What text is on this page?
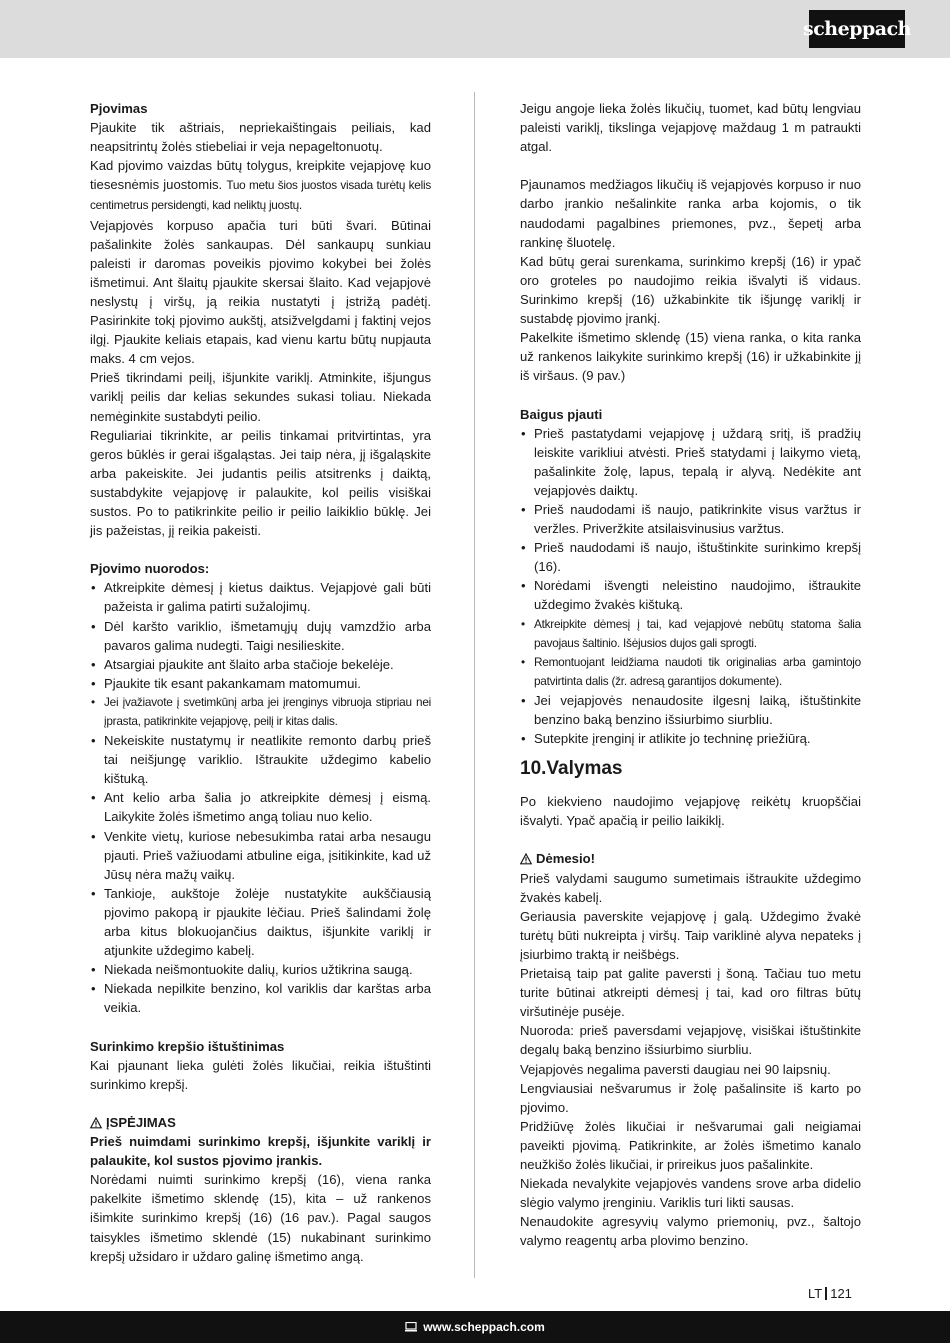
scheppach

Pjovimas

Pjaukite tik aštriais, nepriekaištingais peiliais, kad neapsitrintų žolės stiebeliai ir veja nepageltonuotų.

Kad pjovimo vaizdas būtų tolygus, kreipkite vejapjovę kuo tiesesnėmis juostomis. Tuo metu šios juostos visada turėtų kelis centimetrus persidengti, kad neliktų juostų.

Vejapjovės korpuso apačia turi būti švari. Būtinai pašalinkite žolės sankaupas. Dėl sankaupų sunkiau paleisti ir daromas poveikis pjovimo kokybei bei žolės išmetimui. Ant šlaitų pjaukite skersai šlaito. Kad vejapjovė neslystų į viršų, ją reikia nustatyti į įstrižą padėtį. Pasirinkite tokį pjovimo aukštį, atsižvelgdami į faktinį vejos ilgį. Pjaukite keliais etapais, kad vienu kartu būtų nupjauta maks. 4 cm vejos.

Prieš tikrindami peilį, išjunkite variklį. Atminkite, išjungus variklį peilis dar kelias sekundes sukasi toliau. Niekada nemėginkite sustabdyti peilio.

Reguliariai tikrinkite, ar peilis tinkamai pritvirtintas, yra geros būklės ir gerai išgaląstas. Jei taip nėra, jį išgaląskite arba pakeiskite. Jei judantis peilis atsitrenks į daiktą, sustabdykite vejapjovę ir palaukite, kol peilis visiškai sustos. Po to patikrinkite peilio ir peilio laikiklio būklę. Jei jis pažeistas, jį reikia pakeisti.

Pjovimo nuorodos:

• Atkreipkite dėmesį į kietus daiktus. Vejapjovė gali būti pažeista ir galima patirti sužalojimų.
• Dėl karšto variklio, išmetamųjų dujų vamzdžio arba pavaros galima nudegti. Taigi nesilieskite.
• Atsargiai pjaukite ant šlaito arba stačioje bekelėje.
• Pjaukite tik esant pakankamam matomumui.
• Jei įvažiavote į svetimkūnį arba jei įrenginys vibruoja stipriau nei įprasta, patikrinkite vejapjovę, peilį ir kitas dalis.
• Nekeiskite nustatymų ir neatlikite remonto darbų prieš tai neišjungę variklio. Ištraukite uždegimo kabelio kištuką.
• Ant kelio arba šalia jo atkreipkite dėmesį į eismą. Laikykite žolės išmetimo angą toliau nuo kelio.
• Venkite vietų, kuriose nebesukimba ratai arba nesaugu pjauti. Prieš važiuodami atbuline eiga, įsitikinkite, kad už Jūsų nėra mažų vaikų.
• Tankioje, aukštoje žolėje nustatykite aukščiausią pjovimo pakopą ir pjaukite lėčiau. Prieš šalindami žolę arba kitus blokuojančius daiktus, išjunkite variklį ir atjunkite uždegimo kabelį.
• Niekada neišmontuokite dalių, kurios užtikrina saugą.
• Niekada nepilkite benzino, kol variklis dar karštas arba veikia.

Surinkimo krepšio ištuštinimas

Kai pjaunant lieka gulėti žolės likučiai, reikia ištuštinti surinkimo krepšį.

ĮSPĖJIMAS

Prieš nuimdami surinkimo krepšį, išjunkite variklį ir palaukite, kol sustos pjovimo įrankis.

Norėdami nuimti surinkimo krepšį (16), viena ranka pakelkite išmetimo sklendę (15), kita – už rankenos išimkite surinkimo krepšį (16) (16 pav.). Pagal saugos taisykles išmetimo sklendė (15) nukabinant surinkimo krepšį užsidaro ir uždaro galinę išmetimo angą.

Jeigu angoje lieka žolės likučių, tuomet, kad būtų lengviau paleisti variklį, tikslinga vejapjovę maždaug 1 m patraukti atgal.

Pjaunamos medžiagos likučių iš vejapjovės korpuso ir nuo darbo įrankio nešalinkite ranka arba kojomis, o tik naudodami pagalbines priemones, pvz., šepetį arba rankinę šluotelę.

Kad būtų gerai surenkama, surinkimo krepšį (16) ir ypač oro groteles po naudojimo reikia išvalyti iš vidaus. Surinkimo krepšį (16) užkabinkite tik išjungę variklį ir sustabdę pjovimo įrankį.

Pakelkite išmetimo sklendę (15) viena ranka, o kita ranka už rankenos laikykite surinkimo krepšį (16) ir užkabinkite jį iš viršaus. (9 pav.)

Baigus pjauti

• Prieš pastatydami vejapjovę į uždarą sritį, iš pradžių leiskite varikliui atvėsti. Prieš statydami į laikymo vietą, pašalinkite žolę, lapus, tepalą ir alyvą. Nedėkite ant vejapjovės daiktų.
• Prieš naudodami iš naujo, patikrinkite visus varžtus ir veržles. Priveržkite atsilaisvinusius varžtus.
• Prieš naudodami iš naujo, ištuštinkite surinkimo krepšį (16).
• Norėdami išvengti neleistino naudojimo, ištraukite uždegimo žvakės kištuką.
• Atkreipkite dėmesį į tai, kad vejapjovė nebūtų statoma šalia pavojaus šaltinio. Išėjusios dujos gali sprogti.
• Remontuojant leidžiama naudoti tik originalias arba gamintojo patvirtinta dalis (žr. adresą garantijos dokumente).
• Jei vejapjovės nenaudosite ilgesnį laiką, ištuštinkite benzino baką benzino išsiurbimo siurbliu.
• Sutepkite įrenginį ir atlikite jo techninę priežiūrą.
10.Valymas

Po kiekvieno naudojimo vejapjovę reikėtų kruopščiai išvalyti. Ypač apačią ir peilio laikiklį.

Dėmesio!

Prieš valydami saugumo sumetimais ištraukite uždegimo žvakės kabelį.

Geriausia paverskite vejapjovę į galą. Uždegimo žvakė turėtų būti nukreipta į viršų. Taip variklinė alyva nepateks į įsiurbimo traktą ir neišbėgs.

Prietaisą taip pat galite paversti į šoną. Tačiau tuo metu turite būtinai atkreipti dėmesį į tai, kad oro filtras būtų viršutinėje pusėje.

Nuoroda: prieš paversdami vejapjovę, visiškai ištuštinkite degalų baką benzino išsiurbimo siurbliu.

Vejapjovės negalima paversti daugiau nei 90 laipsnių.

Lengviausiai nešvarumus ir žolę pašalinsite iš karto po pjovimo.

Pridžiūvę žolės likučiai ir nešvarumai gali neigiamai paveikti pjovimą. Patikrinkite, ar žolės išmetimo kanalo neužkišo žolės likučiai, ir prireikus juos pašalinkite.

Niekada nevalykite vejapjovės vandens srove arba didelio slėgio valymo įrenginiu. Variklis turi likti sausas.

Nenaudokite agresyvių valymo priemonių, pvz., šaltojo valymo reagentų arba plovimo benzino.

LT 121
www.scheppach.com
